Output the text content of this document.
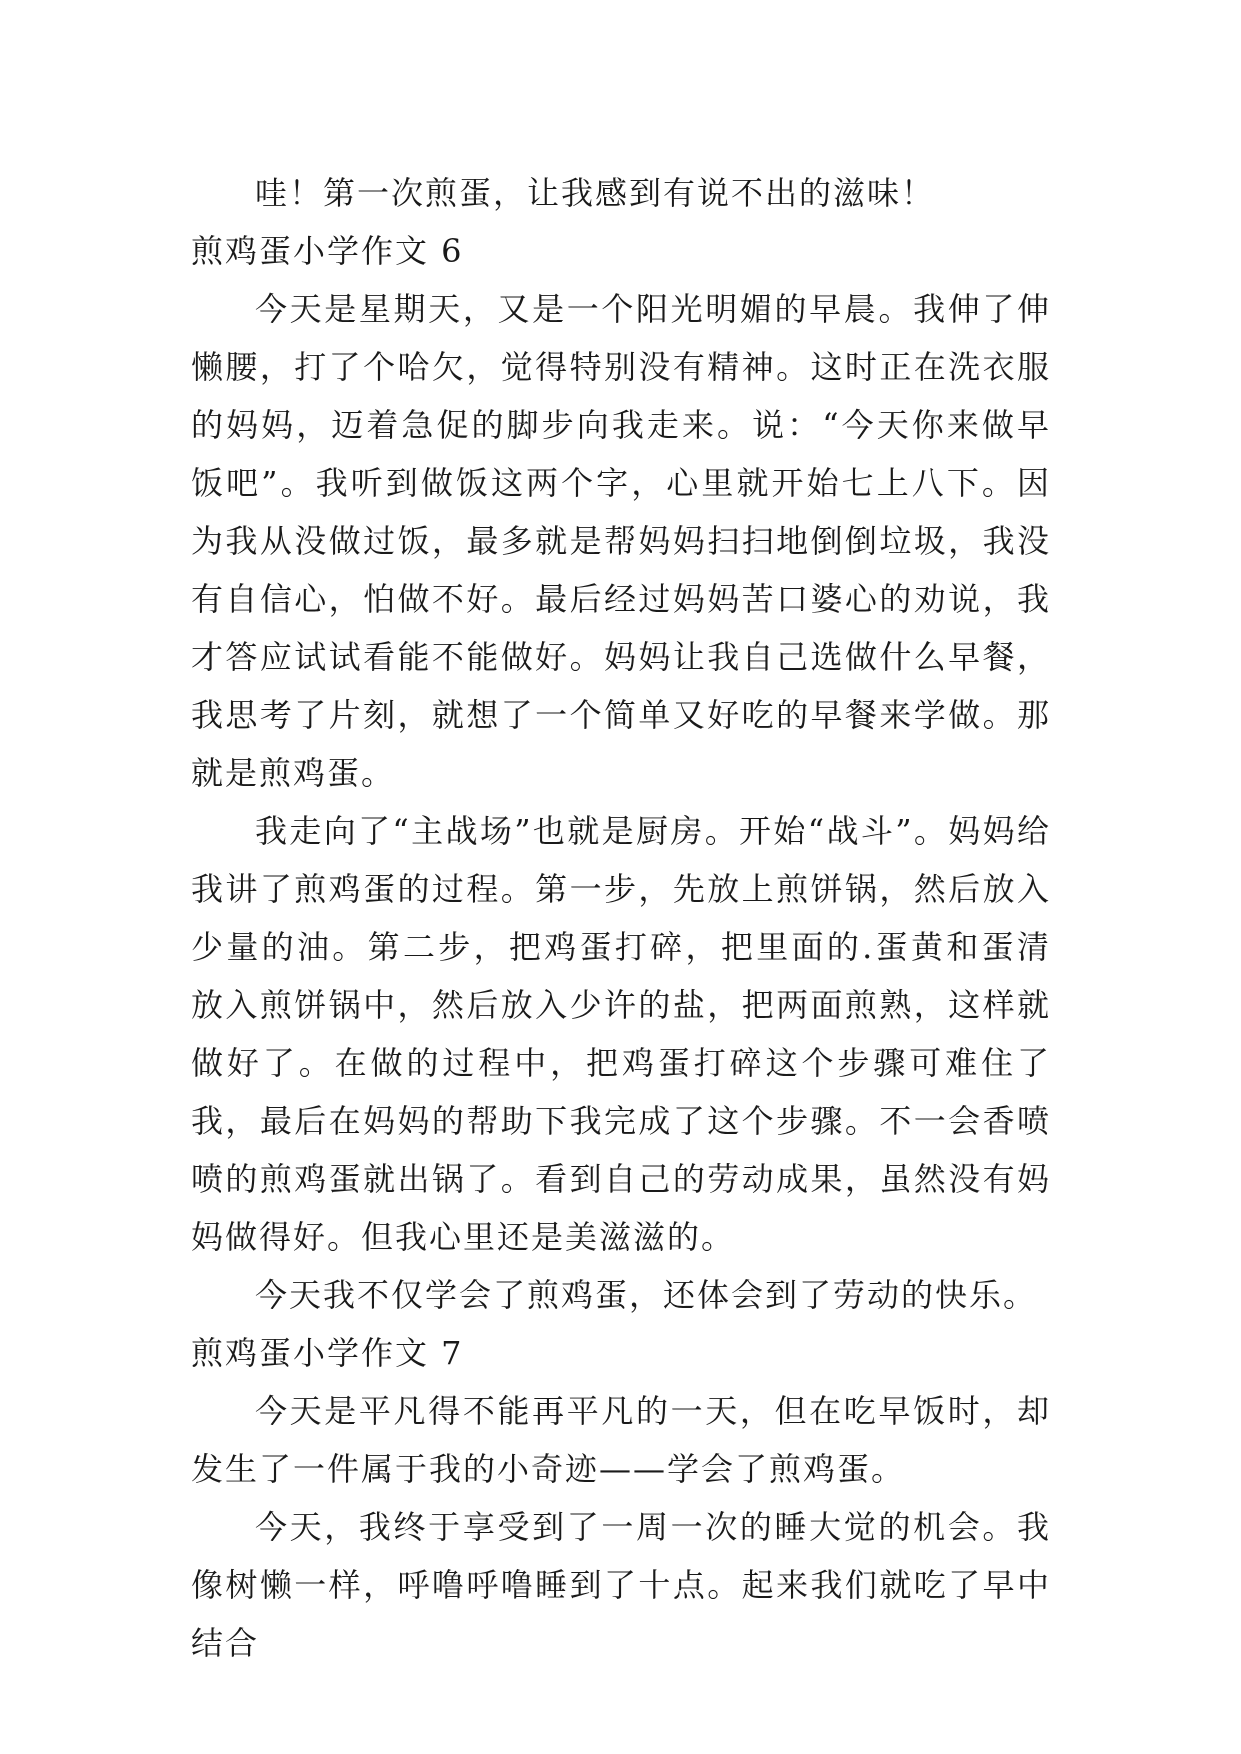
哇！第一次煎蛋，让我感到有说不出的滋味！

煎鸡蛋小学作文 6

今天是星期天，又是一个阳光明媚的早晨。我伸了伸懒腰，打了个哈欠，觉得特别没有精神。这时正在洗衣服的妈妈，迈着急促的脚步向我走来。说：“今天你来做早饭吧”。我听到做饭这两个字，心里就开始七上八下。因为我从没做过饭，最多就是帮妈妈扫扫地倒倒垃圾，我没有自信心，怕做不好。最后经过妈妈苦口婆心的劝说，我才答应试试看能不能做好。妈妈让我自己选做什么早餐，我思考了片刻，就想了一个简单又好吃的早餐来学做。那就是煎鸡蛋。

我走向了“主战场”也就是厨房。开始“战斗”。妈妈给我讲了煎鸡蛋的过程。第一步，先放上煎饼锅，然后放入少量的油。第二步，把鸡蛋打碎，把里面的.蛋黄和蛋清放入煎饼锅中，然后放入少许的盐，把两面煎熟，这样就做好了。在做的过程中，把鸡蛋打碎这个步骤可难住了我，最后在妈妈的帮助下我完成了这个步骤。不一会香喷喷的煎鸡蛋就出锅了。看到自己的劳动成果，虽然没有妈妈做得好。但我心里还是美滋滋的。

今天我不仅学会了煎鸡蛋，还体会到了劳动的快乐。

煎鸡蛋小学作文 7

今天是平凡得不能再平凡的一天，但在吃早饭时，却发生了一件属于我的小奇迹——学会了煎鸡蛋。

今天，我终于享受到了一周一次的睡大觉的机会。我像树懒一样，呼噜呼噜睡到了十点。起来我们就吃了早中结合
